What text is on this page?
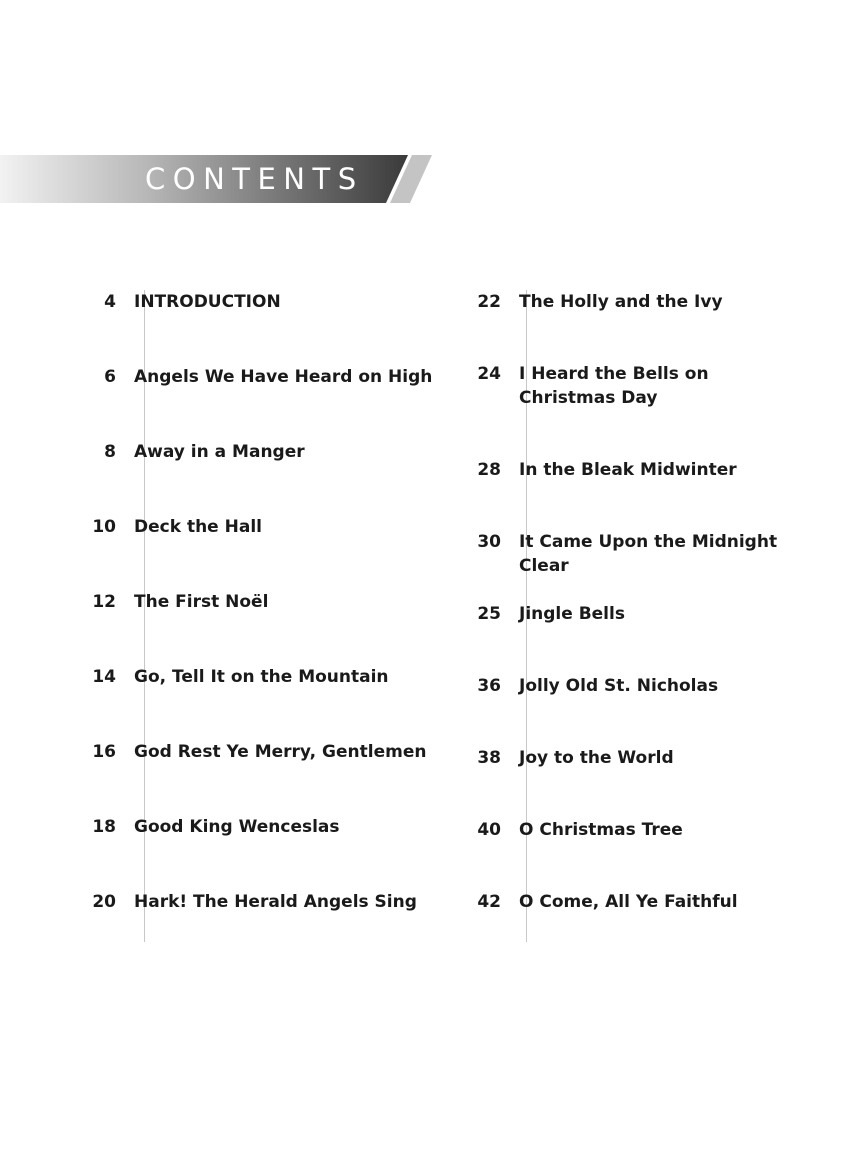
CONTENTS
4	INTRODUCTION
6	Angels We Have Heard on High
8	Away in a Manger
10	Deck the Hall
12	The First Noël
14	Go, Tell It on the Mountain
16	God Rest Ye Merry, Gentlemen
18	Good King Wenceslas
20	Hark! The Herald Angels Sing
22	The Holly and the Ivy
24	I Heard the Bells on Christmas Day
28	In the Bleak Midwinter
30	It Came Upon the Midnight Clear
25	Jingle Bells
36	Jolly Old St. Nicholas
38	Joy to the World
40	O Christmas Tree
42	O Come, All Ye Faithful
